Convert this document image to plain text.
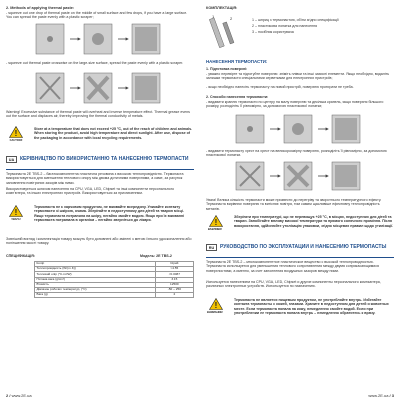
2. Methods of applying thermal paste:
- squeeze out one drop of thermal paste on the middle of small surface and few drops, if you have a large surface. You can spread the paste evenly with a plastic scraper;
- squeeze out thermal paste crosswise on the large-size surface, spread the paste evenly with a plastic scraper.
Warning! Excessive substance of thermal paste will overheat and inverse temperature effect. Thermal grease evens out the surface and displaces air, thereby improving the thermal conductivity of metals.
!
CAUTION!
Store at a temperature that does not exceed +25 °C, out of the reach of children and animals. When storing the product, avoid high temperature and direct sunlight. After use, dispose of the packaging in accordance with local recycling requirements.
UA	КЕРІВНИЦТВО ПО ВИКОРИСТАННЮ ТА НАНЕСЕННЮ ТЕРМОПАСТИ
Термопаста 2E TBS-2 – багатокомпонентна пластична речовина з високою теплопровідністю. Термопаста використовується для зменшення теплового опору між двома дотичними поверхнями, а саме, за рахунок заповнення повітряних зазорів між ними.
Використовується шляхом нанесення на CPU, VGA, LED, Chipset та інші компоненти персонального комп'ютера, та інших електронних пристроїв. Використовується за призначенням.
!
УВАГА!
Термопаста не є харчовим продуктом, не вживайте всередину. Уникайте контакту термопасти зі шкірою, очима. Зберігайте в недоступному для дітей та тварин місці. Якщо термопаста потрапила на шкіру, негайно змийте водою. Якщо при їх вживанні термопаста потрапила в організм – негайно зверніться до лікаря.
Зовнішній вигляд і комплектація товару можуть бути доповнені або змінені з метою їхнього удосконалення або поліпшення якості товару.
СПЕЦИФІКАЦІЯ:	Модель: 2E TBS-2
Колір	Сірий
Теплопровідність (W/(m·K))	>4.55
Тепловий опір (°C-in²/W)	<0.0087
Питома вага (g/cm³)	3.15
В'язкість	12500
Діапазон робочих температур, (°C)	-50 ~ 250
Вага (g)	2
2 / www.2E.ua
КОМПЛЕКТАЦІЯ:
1	2	1 – шприц з термопастою, об'єм згідно специфікації
2 – пластикова лопатка для нанесення
3 – посібник користувача
НАНЕСЕННЯ ТЕРМОПАСТИ:
1. Підготовка поверхні:
- уважно перевірте та підготуйте поверхню: зніміть плівки та інші захисні елементи. Якщо необхідно, видаліть залишки термопасти спеціальними серветками для електронних пристроїв;
- якщо необхідно нанесіть термопасту на новий пристрій, поверхню протирати не треба.
2. Способи нанесення термопасти:
- видавити краплю термопасти по центру на малу поверхню та декілька крапель, якщо поверхня більшого розміру, розподіліть її рівномірно, за допомогою пластикової лопатки;
- видавити термопасту хрест на хрест на великорозмірну поверхню, розподіліть її рівномірно, за допомогою пластикової лопатки.
Увага! Велика кількість термопасти може призвести до перегріву та зворотнього температурного ефекту. Термопаста вирівнює поверхню та витісняє повітря, тим самим щасливіше ефективну теплопровідність металів.
!
ВАЖЛИВО!
Зберігати при температурі, що не перевищує +25 °C, в місцях, недоступних для дітей та тварин. Запобігайте впливу високої температури та прямого сонячного проміння. Після використання, здійснюйте утилізацію упаковки, згідно місцевих правил щодо утилізації.
RU	РУКОВОДСТВО ПО ЭКСПЛУАТАЦИИ И НАНЕСЕНИЮ ТЕРМОПАСТЫ
Термопаста 2E TBS-2 – многокомпонентное пластическое вещество с высокой теплопроводностью. Термопаста используется для уменьшения теплового сопротивления между двумя соприкасающимися поверхностями, а именно, за счет заполнения воздушных зазоров между ними.
Используется нанесением на CPU, VGA, LED, Chipset и другие компоненты персонального компьютера, различных электронных устройств. Используется по назначению.
!
ВНИМАНИЕ!
Термопаста не является пищевым продуктом, не употребляйте внутрь. Избегайте контакта термопасты с кожей, глазами. Храните в недоступном для детей и животных месте. Если термопаста попала на кожу, немедленно смойте водой. Если при употреблении ее термопаста попала внутрь – немедленно обратитесь к врачу.
www.2E.ua / 3
